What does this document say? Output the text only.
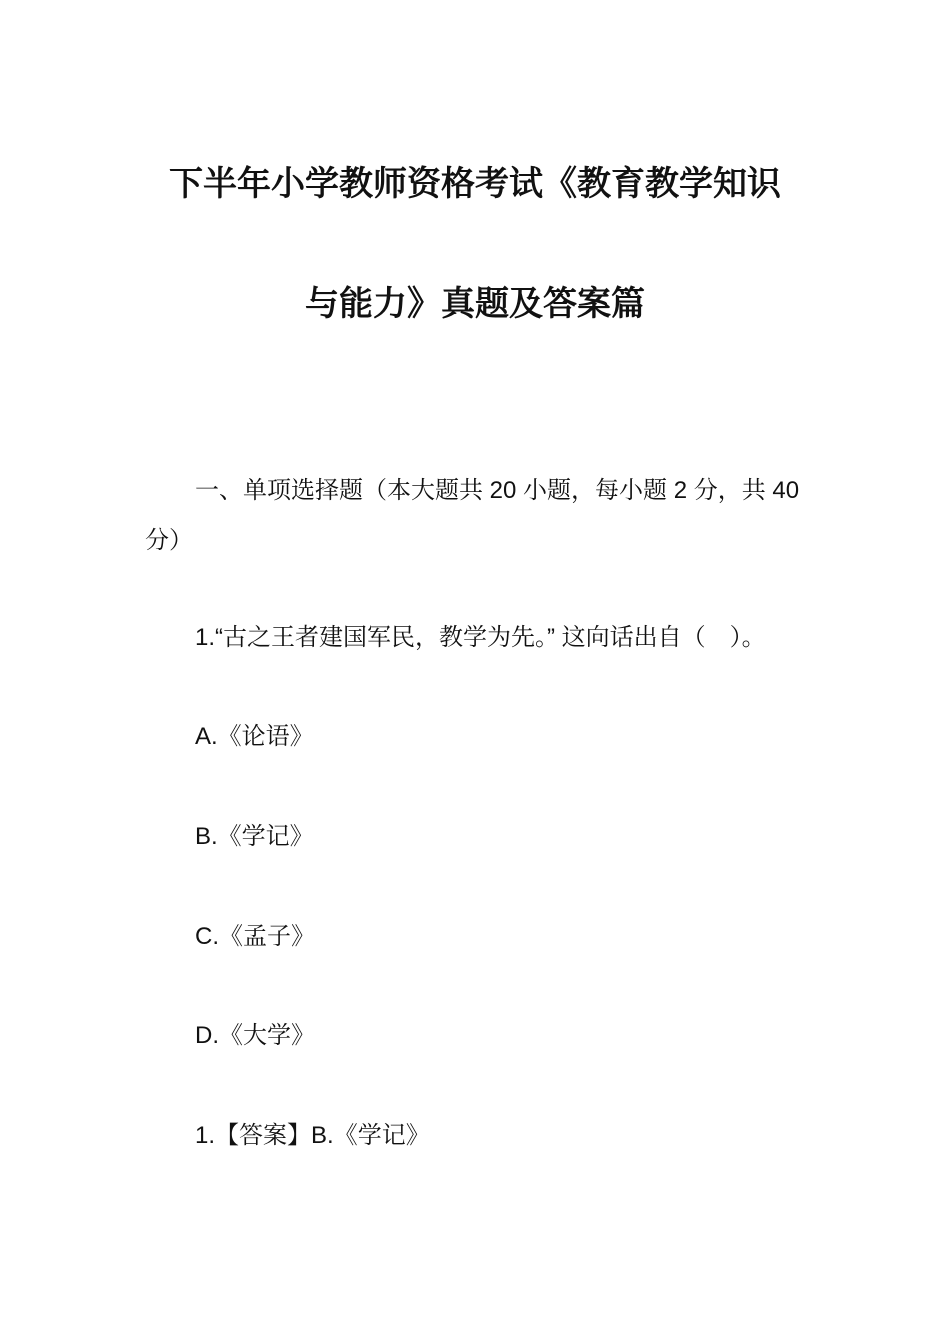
下半年小学教师资格考试《教育教学知识
与能力》真题及答案篇
一、单项选择题（本大题共 20 小题，每小题 2 分，共 40 分）
1.“古之王者建国军民，教学为先。” 这向话出自（　）。
A.《论语》
B.《学记》
C.《孟子》
D.《大学》
1.【答案】B.《学记》
